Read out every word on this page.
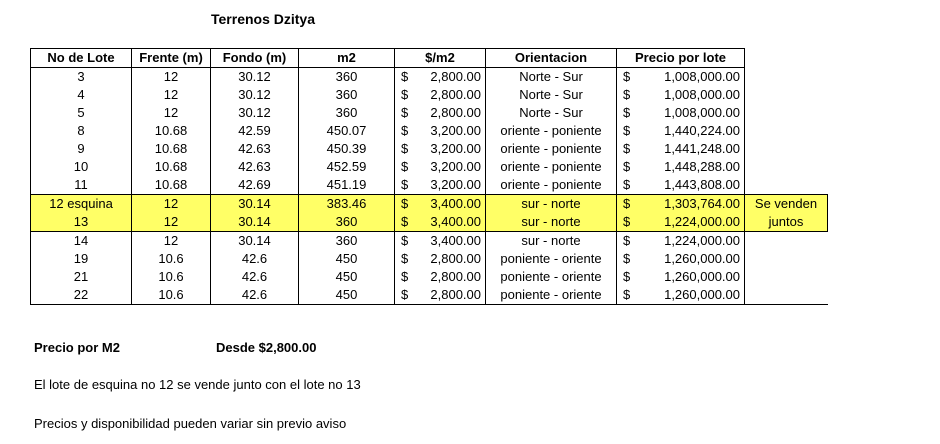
Terrenos Dzitya
No de Lote	Frente (m)	Fondo (m)	m2	$/m2	Orientacion	Precio por lote	
3	12	30.12	360	$ 2,800.00	Norte - Sur	$ 1,008,000.00	
4	12	30.12	360	$ 2,800.00	Norte - Sur	$ 1,008,000.00	
5	12	30.12	360	$ 2,800.00	Norte - Sur	$ 1,008,000.00	
8	10.68	42.59	450.07	$ 3,200.00	oriente - poniente	$ 1,440,224.00	
9	10.68	42.63	450.39	$ 3,200.00	oriente - poniente	$ 1,441,248.00	
10	10.68	42.63	452.59	$ 3,200.00	oriente - poniente	$ 1,448,288.00	
11	10.68	42.69	451.19	$ 3,200.00	oriente - poniente	$ 1,443,808.00	
12 esquina	12	30.14	383.46	$ 3,400.00	sur - norte	$ 1,303,764.00	Se venden
13	12	30.14	360	$ 3,400.00	sur - norte	$ 1,224,000.00	juntos
14	12	30.14	360	$ 3,400.00	sur - norte	$ 1,224,000.00	
19	10.6	42.6	450	$ 2,800.00	poniente - oriente	$ 1,260,000.00	
21	10.6	42.6	450	$ 2,800.00	poniente - oriente	$ 1,260,000.00	
22	10.6	42.6	450	$ 2,800.00	poniente - oriente	$ 1,260,000.00	
Precio por M2	Desde $2,800.00
El lote de esquina no 12 se vende junto con el lote no 13
Precios y disponibilidad pueden variar sin previo aviso
